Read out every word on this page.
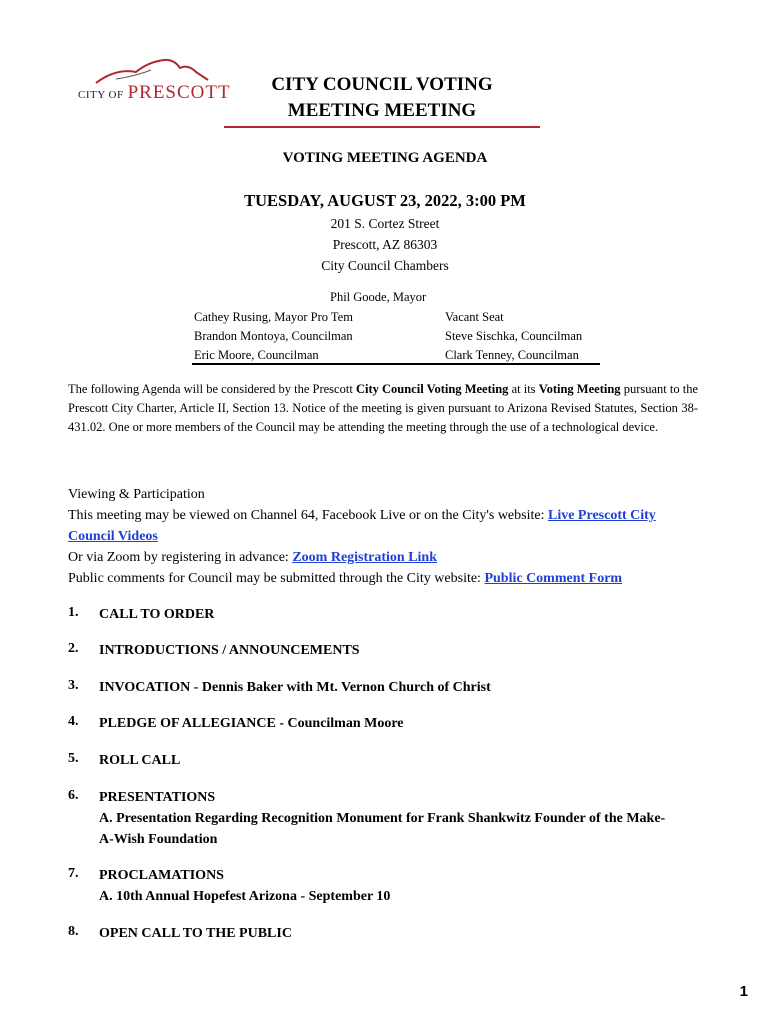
CITY OF PRESCOTT	CITY COUNCIL VOTING
MEETING MEETING
VOTING MEETING AGENDA
TUESDAY, AUGUST 23, 2022, 3:00 PM
201 S. Cortez Street
Prescott, AZ 86303
City Council Chambers
Phil Goode, Mayor
Cathey Rusing, Mayor Pro Tem
Brandon Montoya, Councilman
Eric Moore, Councilman
Vacant Seat
Steve Sischka, Councilman
Clark Tenney, Councilman
The following Agenda will be considered by the Prescott City Council Voting Meeting at its Voting Meeting pursuant to the Prescott City Charter, Article II, Section 13. Notice of the meeting is given pursuant to Arizona Revised Statutes, Section 38-431.02. One or more members of the Council may be attending the meeting through the use of a technological device.
Viewing & Participation
This meeting may be viewed on Channel 64, Facebook Live or on the City's website: Live Prescott City Council Videos
Or via Zoom by registering in advance: Zoom Registration Link
Public comments for Council may be submitted through the City website: Public Comment Form
1. CALL TO ORDER
2. INTRODUCTIONS / ANNOUNCEMENTS
3. INVOCATION - Dennis Baker with Mt. Vernon Church of Christ
4. PLEDGE OF ALLEGIANCE - Councilman Moore
5. ROLL CALL
6. PRESENTATIONS
A. Presentation Regarding Recognition Monument for Frank Shankwitz Founder of the Make-A-Wish Foundation
7. PROCLAMATIONS
A. 10th Annual Hopefest Arizona - September 10
8. OPEN CALL TO THE PUBLIC
1
